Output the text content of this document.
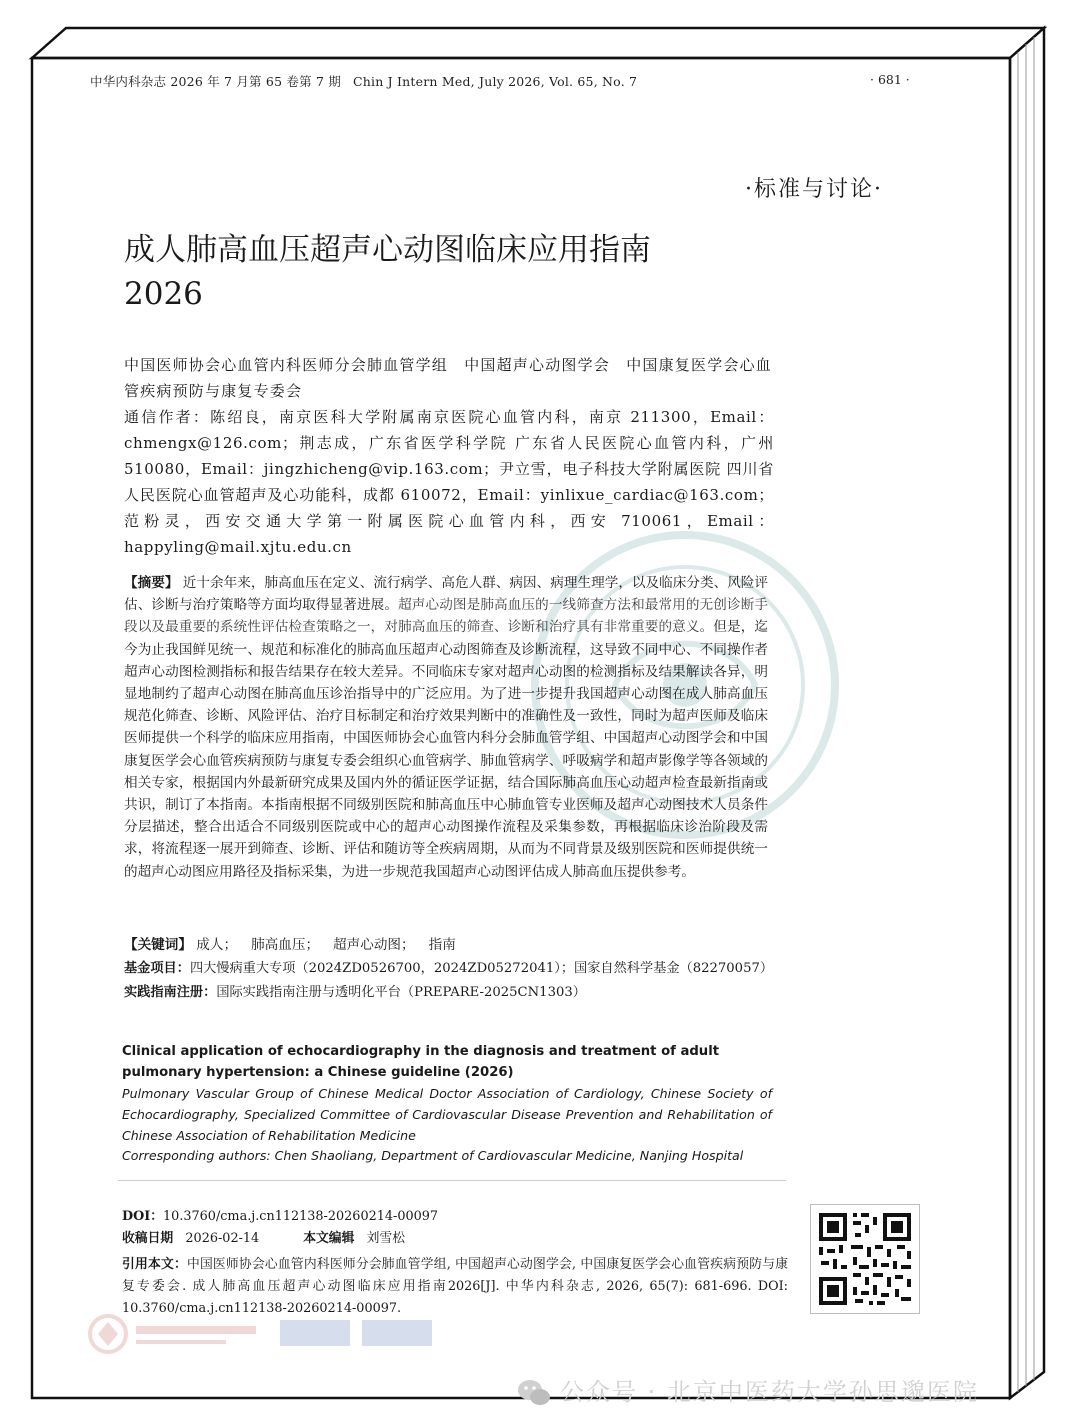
中华内科杂志 2026 年 7 月第 65 卷第 7 期 Chin J Intern Med, July 2026, Vol. 65, No. 7	· 681 ·
·标准与讨论·
成人肺高血压超声心动图临床应用指南
2026
中国医师协会心血管内科医师分会肺血管学组　中国超声心动图学会　中国康复医学会心血管疾病预防与康复专委会
通信作者：陈绍良，南京医科大学附属南京医院心血管内科，南京 211300，Email：chmengx@126.com；荆志成，广东省医学科学院 广东省人民医院心血管内科，广州 510080，Email：jingzhicheng@vip.163.com；尹立雪，电子科技大学附属医院 四川省人民医院心血管超声及心功能科，成都 610072，Email：yinlixue_cardiac@163.com；范粉灵，西安交通大学第一附属医院心血管内科，西安 710061，Email：happyling@mail.xjtu.edu.cn
【摘要】 近十余年来，肺高血压在定义、流行病学、高危人群、病因、病理生理学，以及临床分类、风险评估、诊断与治疗策略等方面均取得显著进展。超声心动图是肺高血压的一线筛查方法和最常用的无创诊断手段以及最重要的系统性评估检查策略之一，对肺高血压的筛查、诊断和治疗具有非常重要的意义。但是，迄今为止我国鲜见统一、规范和标准化的肺高血压超声心动图筛查及诊断流程，这导致不同中心、不同操作者超声心动图检测指标和报告结果存在较大差异。不同临床专家对超声心动图的检测指标及结果解读各异，明显地制约了超声心动图在肺高血压诊治指导中的广泛应用。为了进一步提升我国超声心动图在成人肺高血压规范化筛查、诊断、风险评估、治疗目标制定和治疗效果判断中的准确性及一致性，同时为超声医师及临床医师提供一个科学的临床应用指南，中国医师协会心血管内科分会肺血管学组、中国超声心动图学会和中国康复医学会心血管疾病预防与康复专委会组织心血管病学、肺血管病学、呼吸病学和超声影像学等各领域的相关专家，根据国内外最新研究成果及国内外的循证医学证据，结合国际肺高血压心动超声检查最新指南或共识，制订了本指南。本指南根据不同级别医院和肺高血压中心肺血管专业医师及超声心动图技术人员条件分层描述，整合出适合不同级别医院或中心的超声心动图操作流程及采集参数，再根据临床诊治阶段及需求，将流程逐一展开到筛查、诊断、评估和随访等全疾病周期，从而为不同背景及级别医院和医师提供统一的超声心动图应用路径及指标采集，为进一步规范我国超声心动图评估成人肺高血压提供参考。
【关键词】 成人； 肺高血压； 超声心动图； 指南
基金项目：四大慢病重大专项（2024ZD0526700，2024ZD05272041）；国家自然科学基金（82270057）
实践指南注册：国际实践指南注册与透明化平台（PREPARE-2025CN1303）
Clinical application of echocardiography in the diagnosis and treatment of adult pulmonary hypertension: a Chinese guideline (2026)
Pulmonary Vascular Group of Chinese Medical Doctor Association of Cardiology, Chinese Society of Echocardiography, Specialized Committee of Cardiovascular Disease Prevention and Rehabilitation of Chinese Association of Rehabilitation Medicine
Corresponding authors: Chen Shaoliang, Department of Cardiovascular Medicine, Nanjing Hospital
DOI：10.3760/cma.j.cn112138-20260214-00097
收稿日期 2026-02-14	本文编辑 刘雪松
引用本文：中国医师协会心血管内科医师分会肺血管学组, 中国超声心动图学会, 中国康复医学会心血管疾病预防与康复专委会. 成人肺高血压超声心动图临床应用指南2026[J]. 中华内科杂志, 2026, 65(7): 681-696. DOI: 10.3760/cma.j.cn112138-20260214-00097.
公众号 · 北京中医药大学孙思邈医院
